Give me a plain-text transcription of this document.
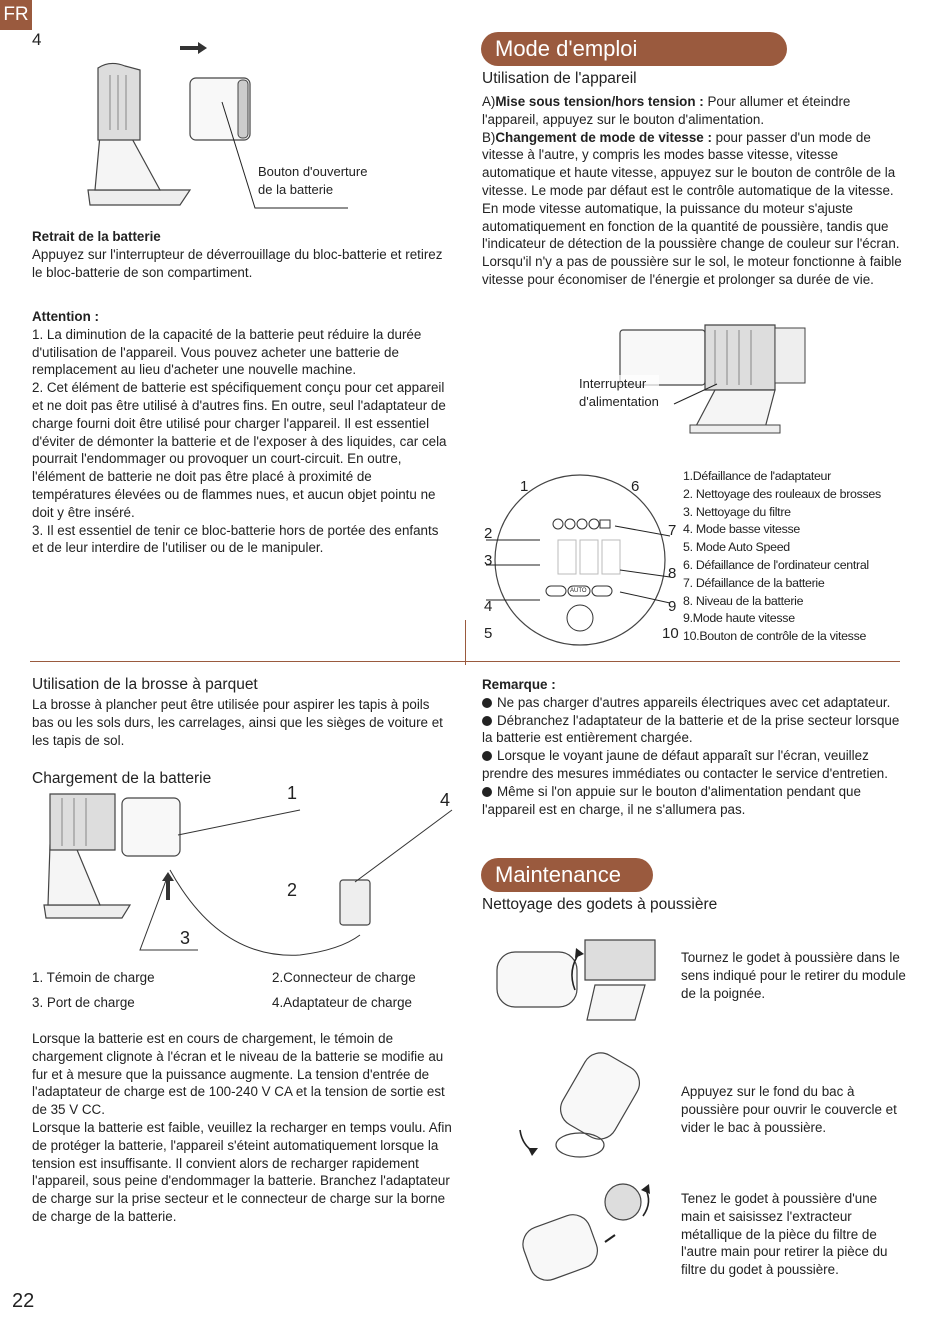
FR
22
4
Bouton d'ouverture
de la batterie

Retrait de la batterie

Appuyez sur l'interrupteur de déverrouillage du bloc-batterie et retirez le bloc-batterie de son compartiment.

Attention :

1. La diminution de la capacité de la batterie peut réduire la durée d'utilisation de l'appareil. Vous pouvez acheter une batterie de remplacement au lieu d'acheter une nouvelle machine.

2. Cet élément de batterie est spécifiquement conçu pour cet appareil et ne doit pas être utilisé à d'autres fins. En outre, seul l'adaptateur de charge fourni doit être utilisé pour charger l'appareil. Il est essentiel d'éviter de démonter la batterie et de l'exposer à des liquides, car cela pourrait l'endommager ou provoquer un court-circuit. En outre, l'élément de batterie ne doit pas être placé à proximité de températures élevées ou de flammes nues, et aucun objet pointu ne doit y être inséré.

3. Il est essentiel de tenir ce bloc-batterie hors de portée des enfants et de leur interdire de l'utiliser ou de le manipuler.

Mode d'emploi
Utilisation de l'appareil

A)Mise sous tension/hors tension : Pour allumer et éteindre l'appareil, appuyez sur le bouton d'alimentation.

B)Changement de mode de vitesse : pour passer d'un mode de vitesse à l'autre, y compris les modes basse vitesse, vitesse automatique et haute vitesse, appuyez sur le bouton de contrôle de la vitesse. Le mode par défaut est le contrôle automatique de la vitesse. En mode vitesse automatique, la puissance du moteur s'ajuste automatiquement en fonction de la quantité de poussière, tandis que l'indicateur de détection de la poussière change de couleur sur l'écran. Lorsqu'il n'y a pas de poussière sur le sol, le moteur fonctionne à faible vitesse pour économiser de l'énergie et prolonger sa durée de vie.

Interrupteur
d'alimentation
AUTO
1
2
3
4
5
6
7
8
9
10
1.Défaillance de l'adaptateur
2. Nettoyage des rouleaux de brosses
3. Nettoyage du filtre
4. Mode basse vitesse
5. Mode Auto Speed
6. Défaillance de l'ordinateur central
7. Défaillance de la batterie
8. Niveau de la batterie
9.Mode haute vitesse
10.Bouton de contrôle de la vitesse
Utilisation de la brosse à parquet

La brosse à plancher peut être utilisée pour aspirer les tapis à poils bas ou les sols durs, les carrelages, ainsi que les sièges de voiture et les tapis de sol.

Chargement de la batterie
1
2
3
4
1. Témoin de charge	2.Connecteur de charge
3. Port de charge	4.Adaptateur de charge

Lorsque la batterie est en cours de chargement, le témoin de chargement clignote à l'écran et le niveau de la batterie se modifie au fur et à mesure que la puissance augmente. La tension d'entrée de l'adaptateur de charge est de 100-240 V CA et la tension de sortie est de 35 V CC.
Lorsque la batterie est faible, veuillez la recharger en temps voulu. Afin de protéger la batterie, l'appareil s'éteint automatiquement lorsque la tension est insuffisante. Il convient alors de recharger rapidement l'appareil, sous peine d'endommager la batterie. Branchez l'adaptateur de charge sur la prise secteur et le connecteur de charge sur la borne de charge de la batterie.

Remarque :

Ne pas charger d'autres appareils électriques avec cet adaptateur.

Débranchez l'adaptateur de la batterie et de la prise secteur lorsque la batterie est entièrement chargée.

Lorsque le voyant jaune de défaut apparaît sur l'écran, veuillez prendre des mesures immédiates ou contacter le service d'entretien.

Même si l'on appuie sur le bouton d'alimentation pendant que l'appareil est en charge, il ne s'allumera pas.

Maintenance
Nettoyage des godets à poussière

Tournez le godet à poussière dans le sens indiqué pour le retirer du module de la poignée.

Appuyez sur le fond du bac à poussière pour ouvrir le couvercle et vider le bac à poussière.

Tenez le godet à poussière d'une main et saisissez l'extracteur métallique de la pièce du filtre de l'autre main pour retirer la pièce du filtre du godet à poussière.
